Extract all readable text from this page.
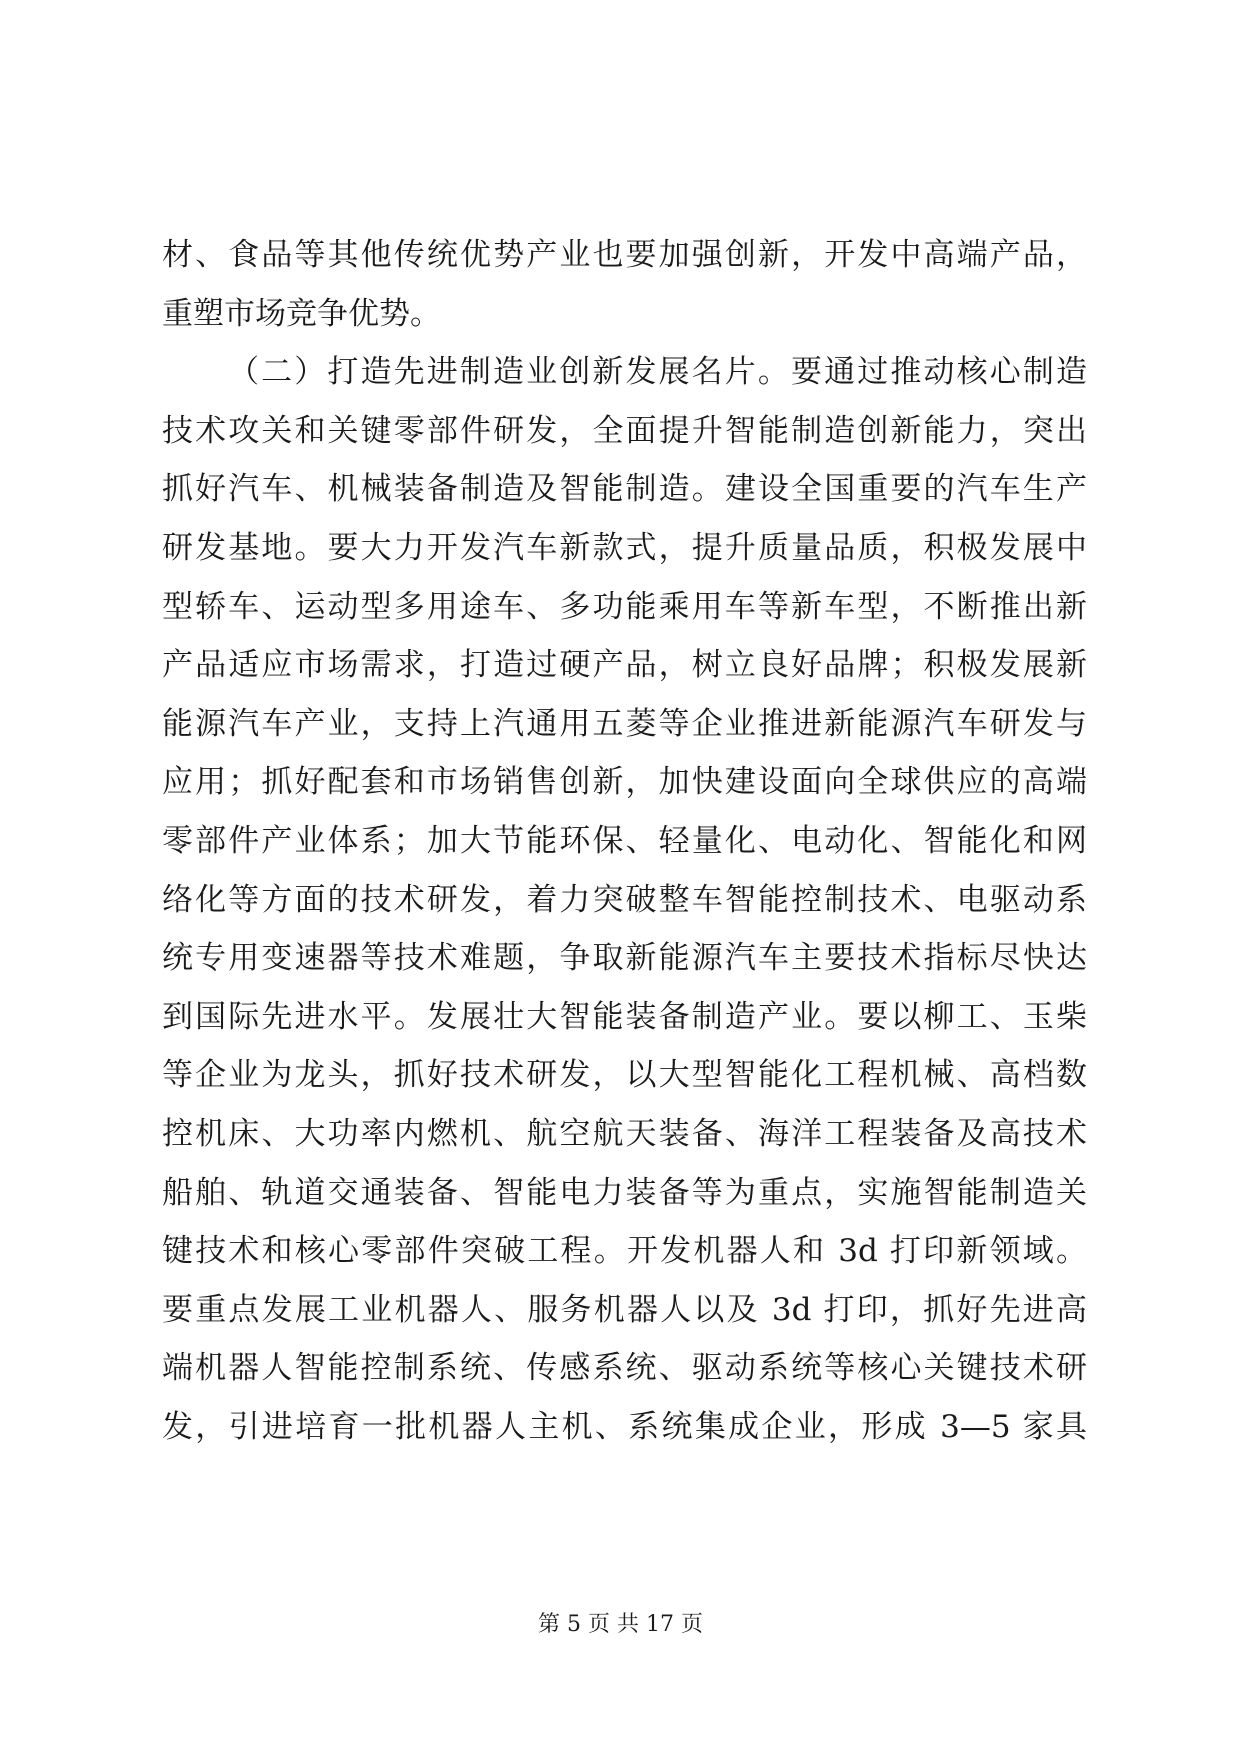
材、食品等其他传统优势产业也要加强创新，开发中高端产品，
重塑市场竞争优势。
（二）打造先进制造业创新发展名片。要通过推动核心制造
技术攻关和关键零部件研发，全面提升智能制造创新能力，突出
抓好汽车、机械装备制造及智能制造。建设全国重要的汽车生产
研发基地。要大力开发汽车新款式，提升质量品质，积极发展中
型轿车、运动型多用途车、多功能乘用车等新车型，不断推出新
产品适应市场需求，打造过硬产品，树立良好品牌；积极发展新
能源汽车产业，支持上汽通用五菱等企业推进新能源汽车研发与
应用；抓好配套和市场销售创新，加快建设面向全球供应的高端
零部件产业体系；加大节能环保、轻量化、电动化、智能化和网
络化等方面的技术研发，着力突破整车智能控制技术、电驱动系
统专用变速器等技术难题，争取新能源汽车主要技术指标尽快达
到国际先进水平。发展壮大智能装备制造产业。要以柳工、玉柴
等企业为龙头，抓好技术研发，以大型智能化工程机械、高档数
控机床、大功率内燃机、航空航天装备、海洋工程装备及高技术
船舶、轨道交通装备、智能电力装备等为重点，实施智能制造关
键技术和核心零部件突破工程。开发机器人和 3d 打印新领域。
要重点发展工业机器人、服务机器人以及 3d 打印，抓好先进高
端机器人智能控制系统、传感系统、驱动系统等核心关键技术研
发，引进培育一批机器人主机、系统集成企业，形成 3—5 家具
第 5 页 共 17 页
